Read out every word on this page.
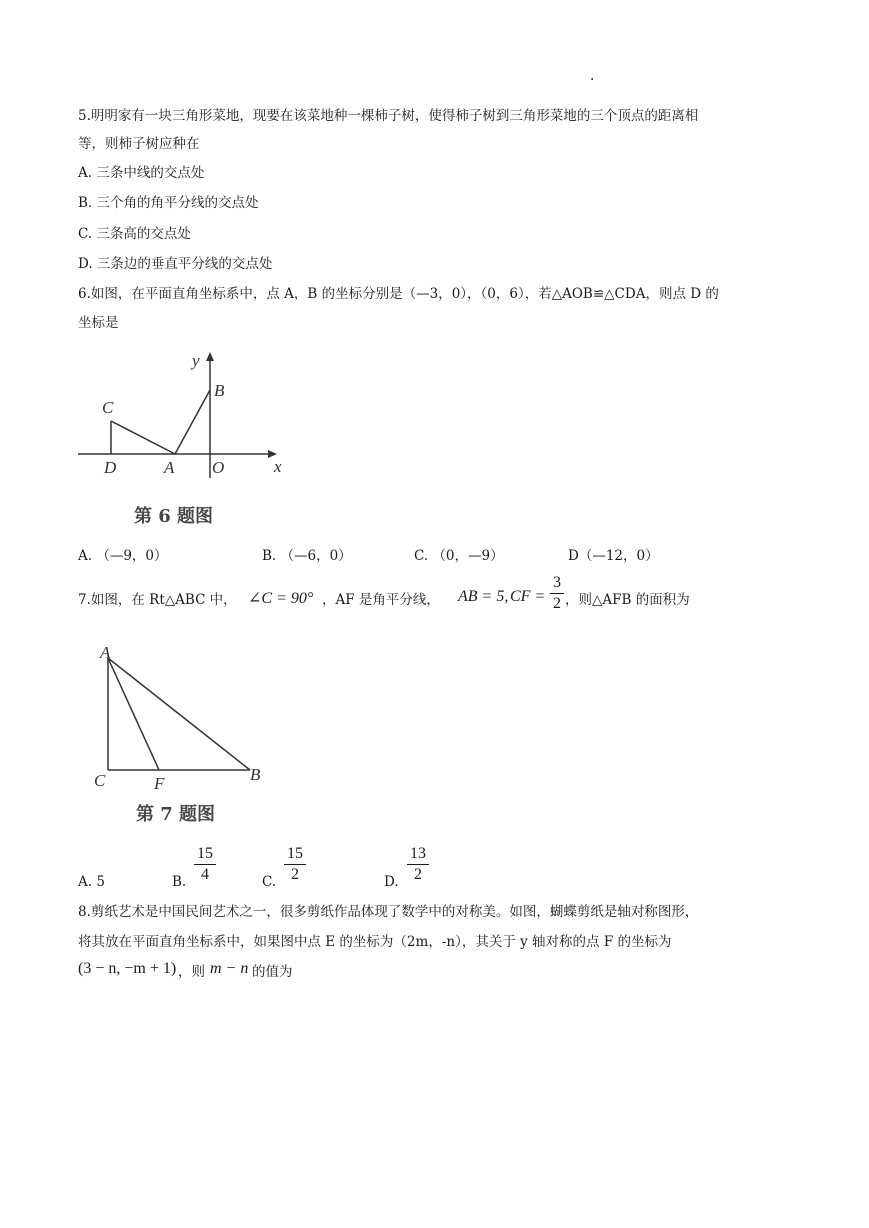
.
5.明明家有一块三角形菜地，现要在该菜地种一棵柿子树，使得柿子树到三角形菜地的三个顶点的距离相
等，则柿子树应种在
A. 三条中线的交点处
B. 三个角的角平分线的交点处
C. 三条高的交点处
D. 三条边的垂直平分线的交点处
6.如图，在平面直角坐标系中，点 A，B 的坐标分别是（—3，0），（0，6），若△AOB≌△CDA，则点 D 的
坐标是
y
x
B
C
D	A O
第 6 题图
A. （—9，0）	B. （—6，0）	C. （0，—9）	D（—12，0）
7.如图，在 Rt△ABC 中， ∠C = 90° ，AF 是角平分线， AB = 5, CF =
3
2 ，则△AFB 的面积为
A
C	F	B
第 7 题图
A. 5	B.
15
4	C.
15
2	D.
13
2
8.剪纸艺术是中国民间艺术之一，很多剪纸作品体现了数学中的对称美。如图，蝴蝶剪纸是轴对称图形，
将其放在平面直角坐标系中，如果图中点 E 的坐标为（2m，-n），其关于 y 轴对称的点 F 的坐标为
(3 − n, −m + 1) ，则 m − n 的值为
